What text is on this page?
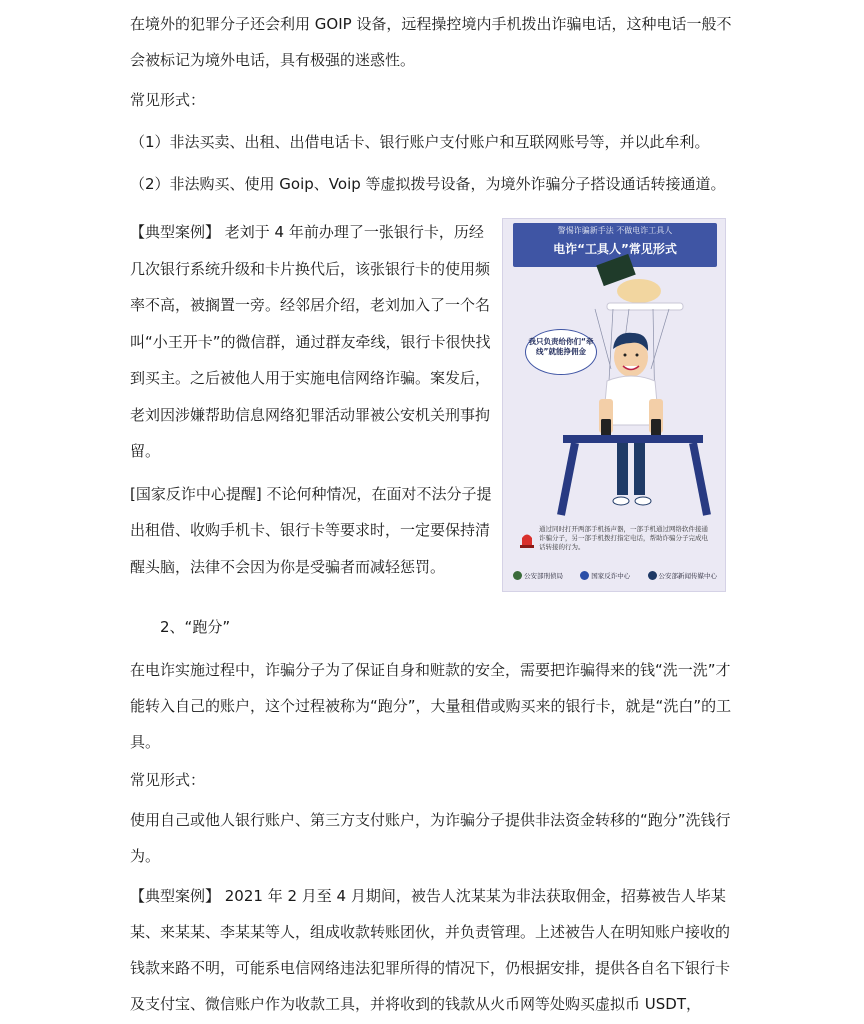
在境外的犯罪分子还会利用 GOIP 设备，远程操控境内手机拨出诈骗电话，这种电话一般不会被标记为境外电话，具有极强的迷惑性。

常见形式：

（1）非法买卖、出租、出借电话卡、银行账户支付账户和互联网账号等，并以此牟利。

（2）非法购买、使用 Goip、Voip 等虚拟拨号设备，为境外诈骗分子搭设通话转接通道。

【典型案例】 老刘于 4 年前办理了一张银行卡，历经几次银行系统升级和卡片换代后，该张银行卡的使用频率不高，被搁置一旁。经邻居介绍，老刘加入了一个名叫“小王开卡”的微信群，通过群友牵线，银行卡很快找到买主。之后被他人用于实施电信网络诈骗。案发后，老刘因涉嫌帮助信息网络犯罪活动罪被公安机关刑事拘留。

[国家反诈中心提醒] 不论何种情况，在面对不法分子提出租借、收购手机卡、银行卡等要求时，一定要保持清醒头脑，法律不会因为你是受骗者而减轻惩罚。

警惕诈骗新手法 不做电诈工具人
电诈“工具人”常见形式
我只负责给你们“牵线”就能挣佣金
通过同时打开两部手机扬声器，一部手机通过网络软件接通诈骗分子，另一部手机拨打指定电话，帮助诈骗分子完成电话转接的行为。
公安部刑侦局	国家反诈中心	公安部新闻传媒中心

2、“跑分”

在电诈实施过程中，诈骗分子为了保证自身和赃款的安全，需要把诈骗得来的钱“洗一洗”才能转入自己的账户，这个过程被称为“跑分”，大量租借或购买来的银行卡，就是“洗白”的工具。

常见形式：

使用自己或他人银行账户、第三方支付账户，为诈骗分子提供非法资金转移的“跑分”洗钱行为。

【典型案例】 2021 年 2 月至 4 月期间，被告人沈某某为非法获取佣金，招募被告人毕某某、来某某、李某某等人，组成收款转账团伙，并负责管理。上述被告人在明知账户接收的钱款来路不明，可能系电信网络违法犯罪所得的情况下，仍根据安排，提供各自名下银行卡及支付宝、微信账户作为收款工具，并将收到的钱款从火币网等处购买虚拟币 USDT，
